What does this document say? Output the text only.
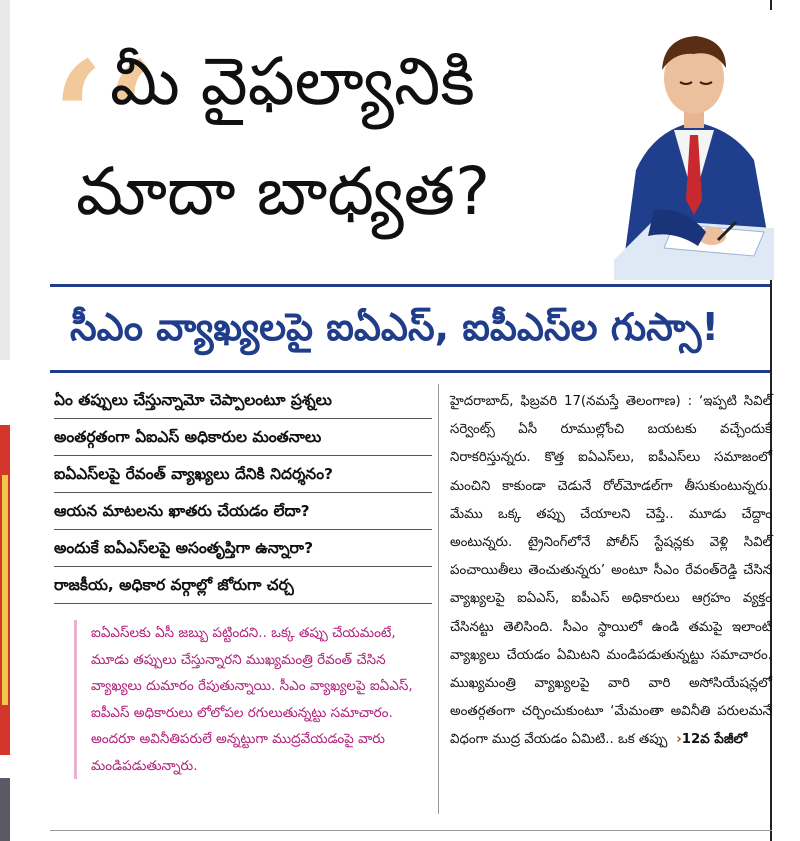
‘‘
మీ వైఫల్యానికి
మాదా బాధ్యత?
సీఎం వ్యాఖ్యలపై ఐఏఎస్, ఐపీఎస్‌ల గుస్సా!
ఏం తప్పులు చేస్తున్నామో చెప్పాలంటూ ప్రశ్నలు
అంతర్గతంగా ఏఐఎస్ అధికారుల మంతనాలు
ఐఏఎస్‌లపై రేవంత్ వ్యాఖ్యలు దేనికి నిదర్శనం?
ఆయన మాటలను ఖాతరు చేయడం లేదా?
అందుకే ఐఏఎస్‌లపై అసంతృప్తిగా ఉన్నారా?
రాజకీయ, అధికార వర్గాల్లో జోరుగా చర్చ

ఐఏఎస్‌లకు ఏసీ జబ్బు పట్టిందని.. ఒక్క తప్పు చేయమంటే, మూడు తప్పులు చేస్తున్నారని ముఖ్యమంత్రి రేవంత్ చేసిన వ్యాఖ్యలు దుమారం రేపుతున్నాయి. సీఎం వ్యాఖ్యలపై ఐఏఎస్, ఐపీఎస్ అధికారులు లోలోపల రగులుతున్నట్టు సమాచారం. అందరూ అవినీతిపరులే అన్నట్టుగా ముద్రవేయడంపై వారు మండిపడుతున్నారు.

హైదరాబాద్, ఫిబ్రవరి 17(నమస్తే తెలంగాణ) : ‘ఇప్పటి సివిల్ సర్వెంట్స్ ఏసీ రూముల్లోంచి బయటకు వచ్చేందుకే నిరాకరిస్తున్నరు. కొత్త ఐఏఎస్‌లు, ఐపీఎస్‌లు సమాజంలో మంచిని కాకుండా చెడునే రోల్‌మోడల్‌గా తీసుకుంటున్నరు. మేము ఒక్క తప్పు చేయాలని చెప్తే.. మూడు చేద్దాం అంటున్నరు. ట్రైనింగ్‌లోనే పోలీస్ స్టేషన్లకు వెళ్లి సివిల్ పంచాయితీలు తెంచుతున్నరు’ అంటూ సీఎం రేవంత్‌రెడ్డి చేసిన వ్యాఖ్యలపై ఐఏఎస్, ఐపీఎస్ అధికారులు ఆగ్రహం వ్యక్తం చేసినట్టు తెలిసింది. సీఎం స్థాయిలో ఉండి తమపై ఇలాంటి వ్యాఖ్యలు చేయడం ఏమిటని మండిపడుతున్నట్టు సమాచారం. ముఖ్యమంత్రి వ్యాఖ్యలపై వారి వారి అసోసియేషన్లలో అంతర్గతంగా చర్చించుకుంటూ ‘మేమంతా అవినీతి పరులమనే విధంగా ముద్ర వేయడం ఏమిటి.. ఒక తప్పు ›12వ పేజీలో
